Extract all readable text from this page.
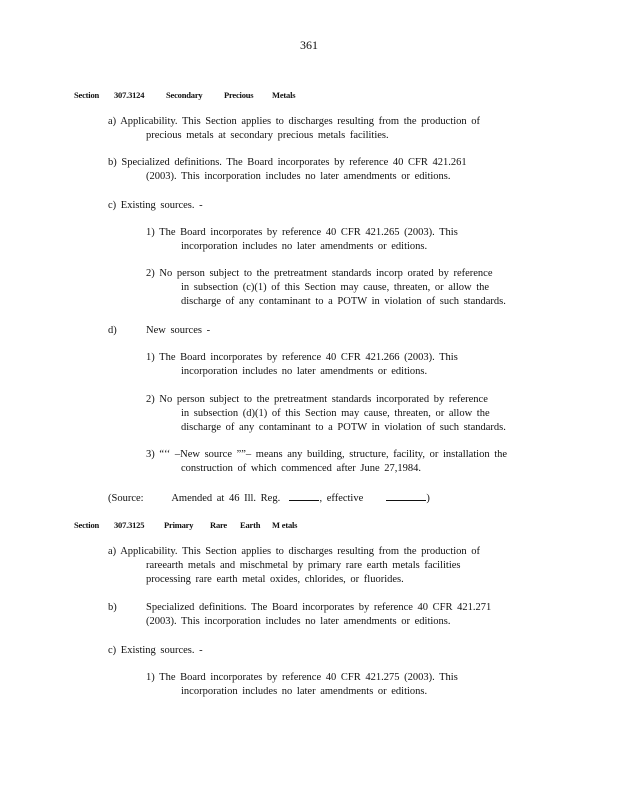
361
Section 307.3124	Secondary	Precious Metals
a) Applicability. This Section applies to discharges resulting from the production of
precious metals at secondary precious metals facilities.
b) Specialized definitions. The Board incorporates by reference 40 CFR 421.261
(2003). This incorporation includes no later amendments or editions.
c) Existing sources. -
1) The Board incorporates by reference 40 CFR 421.265 (2003). This
incorporation includes no later amendments or editions.
2) No person subject to the pretreatment standards incorp orated by reference
in subsection (c)(1) of this Section may cause, threaten, or allow the
discharge of any contaminant to a POTW in violation of such standards.
d)	New sources -
1) The Board incorporates by reference 40 CFR 421.266 (2003). This
incorporation includes no later amendments or editions.
2) No person subject to the pretreatment standards incorporated by reference
in subsection (d)(1) of this Section may cause, threaten, or allow the
discharge of any contaminant to a POTW in violation of such standards.
3) “‘‘ –New source ””– means any building, structure, facility, or installation the
construction of which commenced after June 27,1984.
(Source:	Amended at 46 Ill. Reg.	, effective	)
Section 307.3125 Primary Rare Earth M etals
a) Applicability. This Section applies to discharges resulting from the production of
rareearth metals and mischmetal by primary rare earth metals facilities
processing rare earth metal oxides, chlorides, or fluorides.
b)	Specialized definitions. The Board incorporates by reference 40 CFR 421.271
(2003). This incorporation includes no later amendments or editions.
c) Existing sources. -
1) The Board incorporates by reference 40 CFR 421.275 (2003). This
incorporation includes no later amendments or editions.
